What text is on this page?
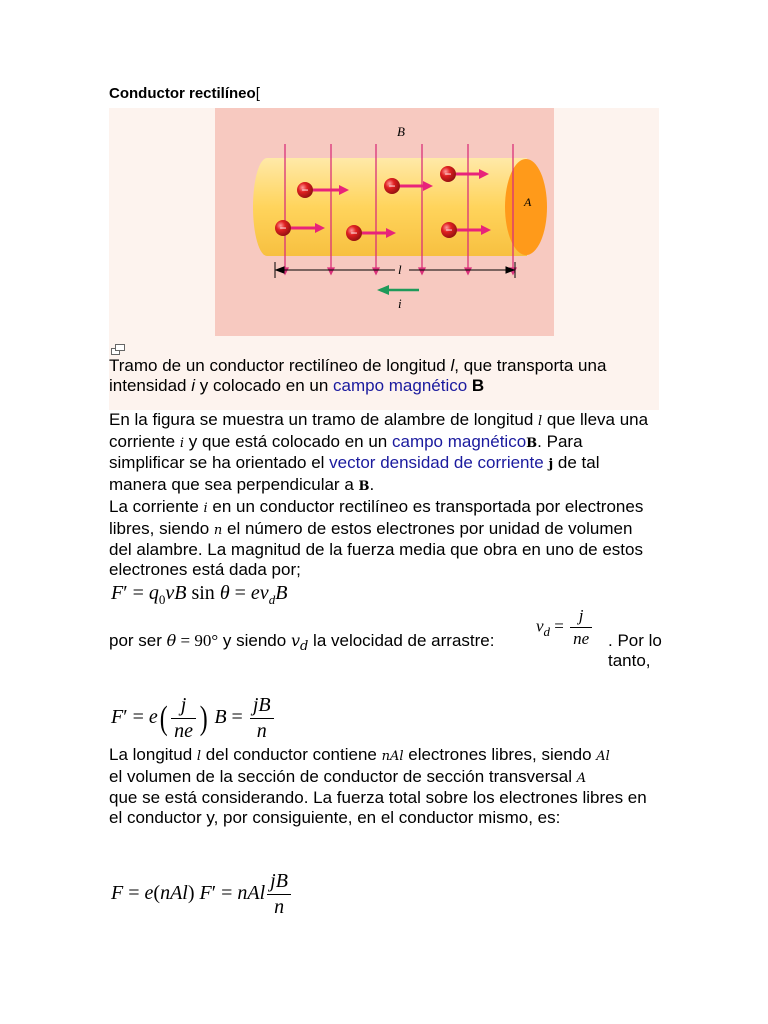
Conductor rectilíneo[
−	−
−
−	−	−
B
A
l
i
Tramo de un conductor rectilíneo de longitud l, que transporta una intensidad i y colocado en un campo magnético B
En la figura se muestra un tramo de alambre de longitud l que lleva una corriente i y que está colocado en un campo magnéticoB. Para simplificar se ha orientado el vector densidad de corriente j de tal manera que sea perpendicular a B.
La corriente i en un conductor rectilíneo es transportada por electrones libres, siendo n el número de estos electrones por unidad de volumen del alambre. La magnitud de la fuerza media que obra en uno de estos electrones está dada por;
$F' = q_0vB$ $\sin \theta = ev_dB$
por ser θ = 90° y siendo $v_d$ la velocidad de arrastre:
$v_d = \frac{j}{ne}$ . Por lo tanto,
$F' = e( \frac{j}{ne}$ ) $B = \frac{jB}{n}$
La longitud l del conductor contiene nAl electrones libres, siendo Al
el volumen de la sección de conductor de sección transversal A
que se está considerando. La fuerza total sobre los electrones libres en el conductor y, por consiguiente, en el conductor mismo, es:
F = e(nAl) F′ = nAl $\frac{jB}{n}$
